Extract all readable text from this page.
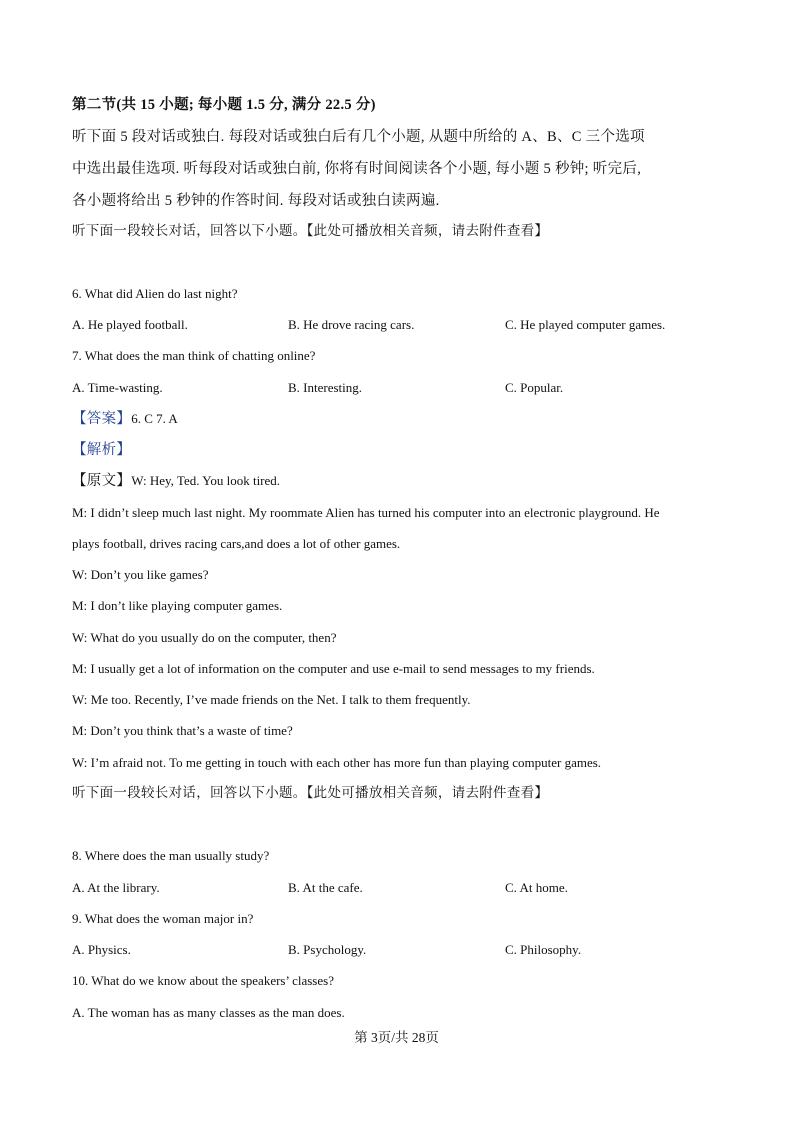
第二节(共 15 小题; 每小题 1.5 分, 满分 22.5 分)
听下面 5 段对话或独白. 每段对话或独白后有几个小题, 从题中所给的 A、B、C 三个选项
中选出最佳选项. 听每段对话或独白前, 你将有时间阅读各个小题, 每小题 5 秒钟; 听完后,
各小题将给出 5 秒钟的作答时间. 每段对话或独白读两遍.
听下面一段较长对话，回答以下小题。【此处可播放相关音频，请去附件查看】
6. What did Alien do last night?
A. He played football.	B. He drove racing cars.	C. He played computer games.
7. What does the man think of chatting online?
A. Time-wasting.	B. Interesting.	C. Popular.
【答案】6. C 7. A
【解析】
【原文】W: Hey, Ted. You look tired.
M: I didn’t sleep much last night. My roommate Alien has turned his computer into an electronic playground. He
plays football, drives racing cars,and does a lot of other games.
W: Don’t you like games?
M: I don’t like playing computer games.
W: What do you usually do on the computer, then?
M: I usually get a lot of information on the computer and use e-mail to send messages to my friends.
W: Me too. Recently, I’ve made friends on the Net. I talk to them frequently.
M: Don’t you think that’s a waste of time?
W: I’m afraid not. To me getting in touch with each other has more fun than playing computer games.
听下面一段较长对话，回答以下小题。【此处可播放相关音频，请去附件查看】
8. Where does the man usually study?
A. At the library.	B. At the cafe.	C. At home.
9. What does the woman major in?
A. Physics.	B. Psychology.	C. Philosophy.
10. What do we know about the speakers’ classes?
A. The woman has as many classes as the man does.
第 3页/共 28页
